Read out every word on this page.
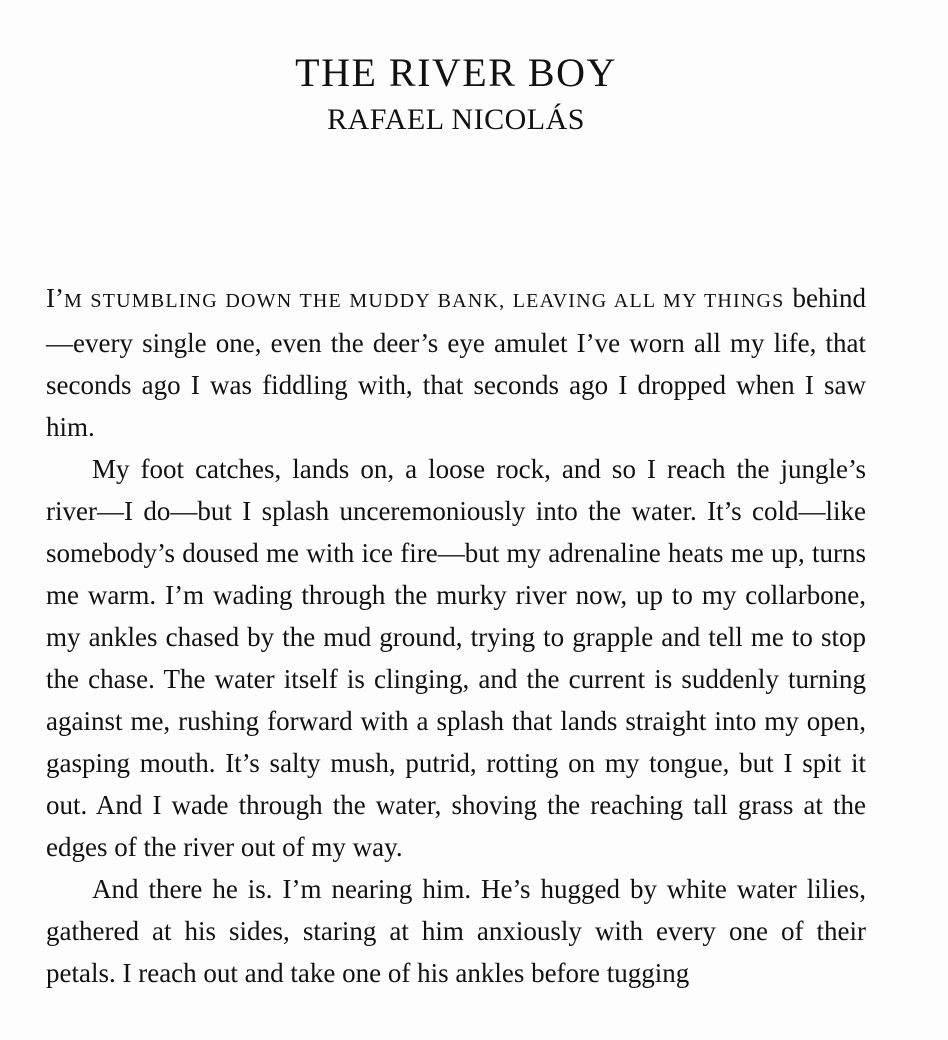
THE RIVER BOY
RAFAEL NICOLÁS

I’M STUMBLING DOWN THE MUDDY BANK, LEAVING ALL MY THINGS behind—every single one, even the deer’s eye amulet I’ve worn all my life, that seconds ago I was fiddling with, that seconds ago I dropped when I saw him.

My foot catches, lands on, a loose rock, and so I reach the jungle’s river—I do—but I splash unceremoniously into the water. It’s cold—like somebody’s doused me with ice fire—but my adrenaline heats me up, turns me warm. I’m wading through the murky river now, up to my collarbone, my ankles chased by the mud ground, trying to grapple and tell me to stop the chase. The water itself is clinging, and the current is suddenly turning against me, rushing forward with a splash that lands straight into my open, gasping mouth. It’s salty mush, putrid, rotting on my tongue, but I spit it out. And I wade through the water, shoving the reaching tall grass at the edges of the river out of my way.

And there he is. I’m nearing him. He’s hugged by white water lilies, gathered at his sides, staring at him anxiously with every one of their petals. I reach out and take one of his ankles before tugging
